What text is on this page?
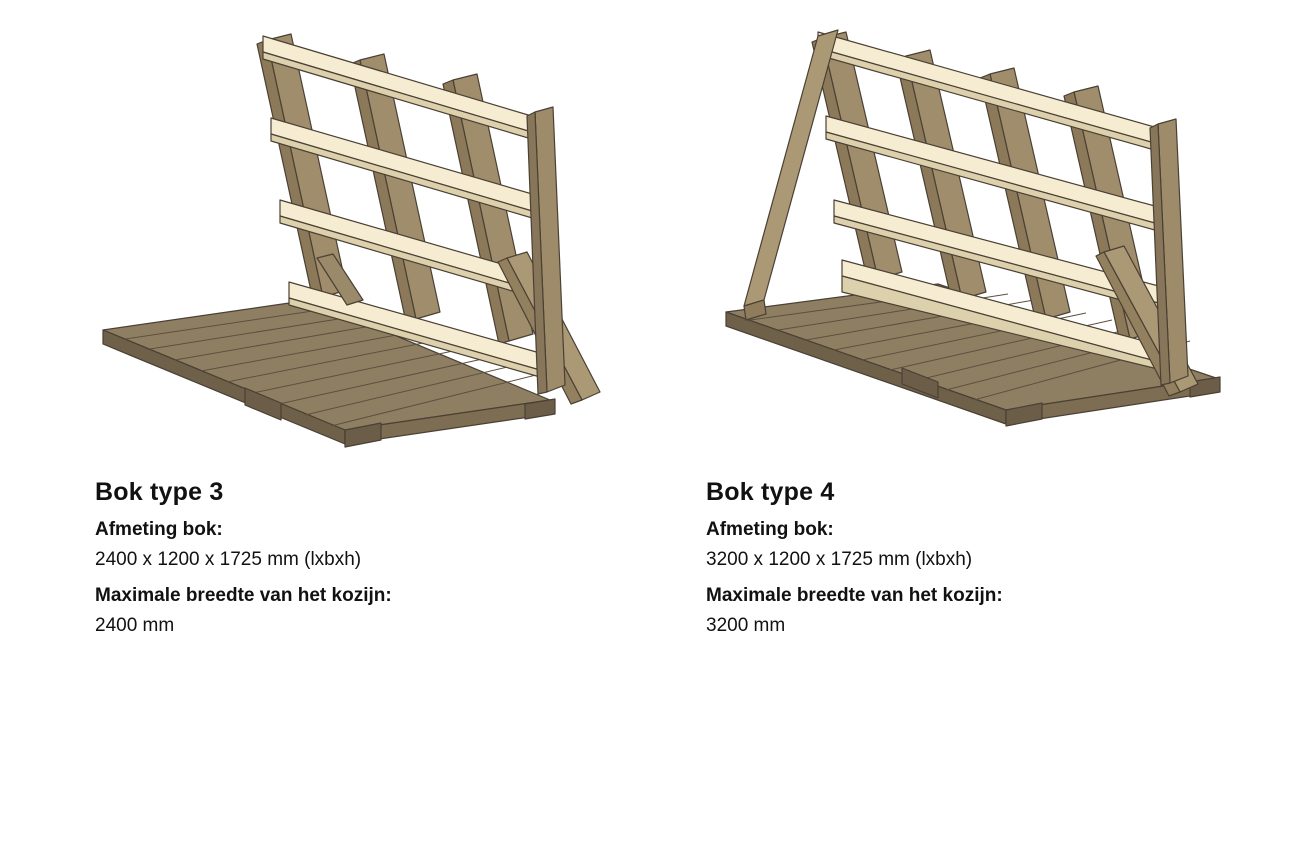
Bok type 3

Afmeting bok:

2400 x 1200 x 1725 mm (lxbxh)

Maximale breedte van het kozijn:

2400 mm

Bok type 4

Afmeting bok:

3200 x 1200 x 1725 mm (lxbxh)

Maximale breedte van het kozijn:

3200 mm
